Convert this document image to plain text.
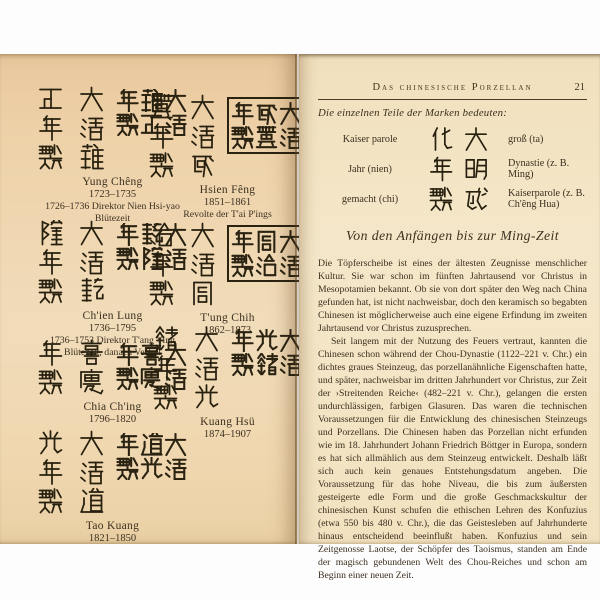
Yung Chêng
1723–1735
1726–1736 Direktor Nien Hsi-yao
Blütezeit
Hsien Fêng
1851–1861
Revolte der T'ai P'ings
Ch'ien Lung
1736–1795
1736–1753 Direktor T'ang Ying
Blütezeit, danach Verfall
T'ung Chih
1862–1873
Chia Ch'ing
1796–1820	Kuang Hsü
1874–1907
Tao Kuang
1821–1850
Das chinesische Porzellan	21
Die einzelnen Teile der Marken bedeuten:
Kaiser parole	groß (ta)
Jahr (nien)	Dynastie (z. B. Ming)
gemacht (chi)	Kaiserparole (z. B. Ch'êng Hua)
Von den Anfängen bis zur Ming-Zeit

Die Töpferscheibe ist eines der ältesten Zeugnisse menschlicher Kultur. Sie war schon im fünften Jahrtausend vor Christus in Mesopotamien bekannt. Ob sie von dort später den Weg nach China gefunden hat, ist nicht nachweisbar, doch den keramisch so begabten Chinesen ist möglicherweise auch eine eigene Erfindung im zweiten Jahrtausend vor Christus zuzusprechen.

Seit langem mit der Nutzung des Feuers vertraut, kannten die Chinesen schon während der Chou-Dynastie (1122–221 v. Chr.) ein dichtes graues Steinzeug, das porzellanähnliche Eigenschaften hatte, und später, nachweisbar im dritten Jahrhundert vor Christus, zur Zeit der ›Streitenden Reiche‹ (482–221 v. Chr.), gelangen die ersten undurchlässigen, farbigen Glasuren. Das waren die technischen Voraussetzungen für die Entwicklung des chinesischen Steinzeugs und Porzellans. Die Chinesen haben das Porzellan nicht erfunden wie im 18. Jahrhundert Johann Friedrich Böttger in Europa, sondern es hat sich allmählich aus dem Steinzeug entwickelt. Deshalb läßt sich auch kein genaues Entstehungsdatum angeben. Die Voraussetzung für das hohe Niveau, die bis zum äußersten gesteigerte edle Form und die große Geschmackskultur der chinesischen Kunst schufen die ethischen Lehren des Konfuzius (etwa 550 bis 480 v. Chr.), die das Geistesleben auf Jahrhunderte hinaus entscheidend beeinflußt haben. Konfuzius und sein Zeitgenosse Laotse, der Schöpfer des Taoismus, standen am Ende der magisch gebundenen Welt des Chou-Reiches und schon am Beginn einer neuen Zeit.
